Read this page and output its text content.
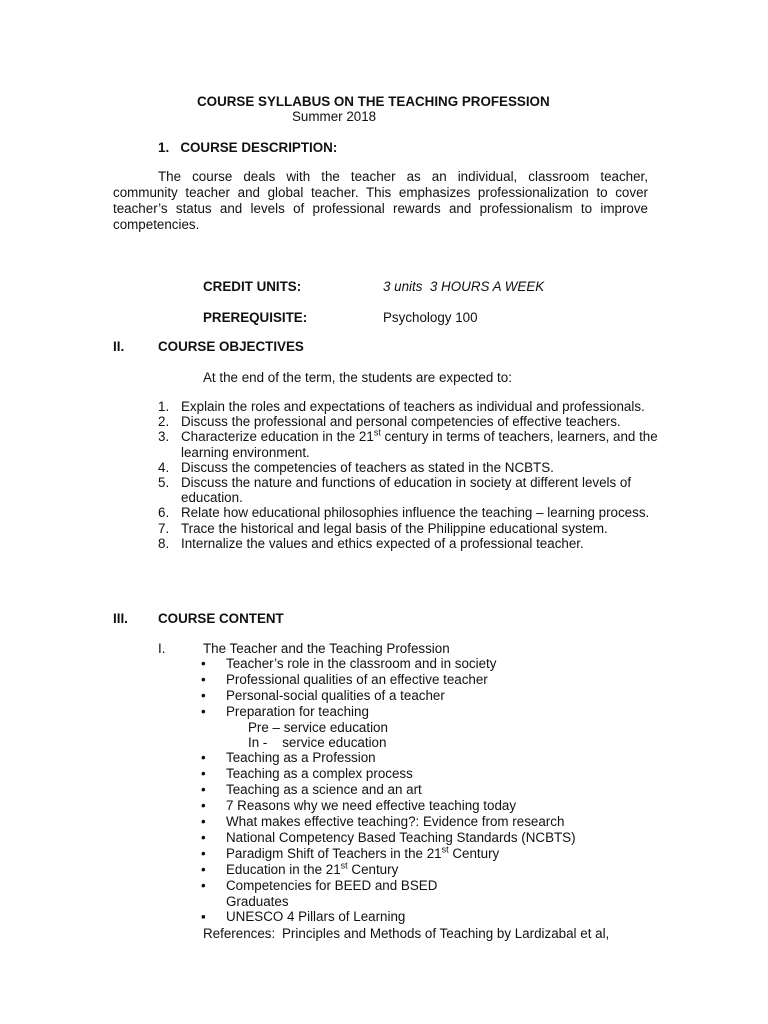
COURSE SYLLABUS ON THE TEACHING PROFESSION
Summer 2018
1.   COURSE DESCRIPTION:
The course deals with the teacher as an individual, classroom teacher,
community teacher and global teacher. This emphasizes professionalization to cover
teacher’s status and levels of professional rewards and professionalism to improve
competencies.
CREDIT UNITS:	3 units  3 HOURS A WEEK
PREREQUISITE:	Psychology 100
II.	COURSE OBJECTIVES
At the end of the term, the students are expected to:
1. Explain the roles and expectations of teachers as individual and professionals.
2. Discuss the professional and personal competencies of effective teachers.
3. Characterize education in the 21st century in terms of teachers, learners, and the learning environment.
4. Discuss the competencies of teachers as stated in the NCBTS.
5. Discuss the nature and functions of education in society at different levels of education.
6. Relate how educational philosophies influence the teaching – learning process.
7. Trace the historical and legal basis of the Philippine educational system.
8. Internalize the values and ethics expected of a professional teacher.
III. COURSE CONTENT
I.	The Teacher and the Teaching Profession
•	Teacher’s role in the classroom and in society
•	Professional qualities of an effective teacher
•	Personal-social qualities of a teacher
•	Preparation for teaching
Pre – service education
In -    service education
•	Teaching as a Profession
•	Teaching as a complex process
•	Teaching as a science and an art
•	7 Reasons why we need effective teaching today
•	What makes effective teaching?: Evidence from research
•	National Competency Based Teaching Standards (NCBTS)
•	Paradigm Shift of Teachers in the 21st Century
•	Education in the 21st Century
•	Competencies for BEED and BSED
Graduates
▪	UNESCO 4 Pillars of Learning
References: Principles and Methods of Teaching by Lardizabal et al,
